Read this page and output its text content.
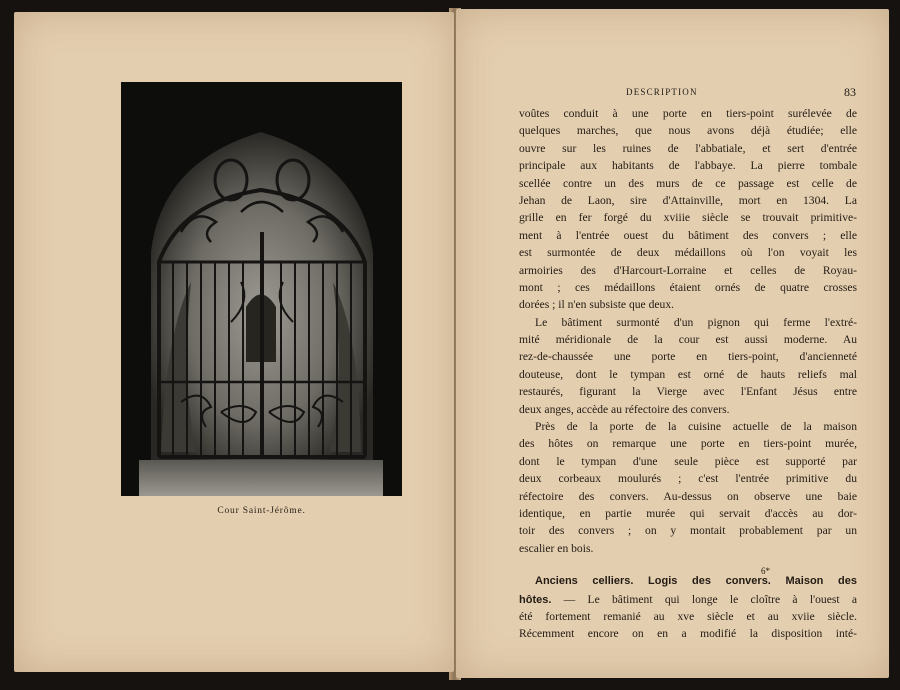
Cour Saint-Jérôme.
DESCRIPTION	83
voûtes conduit à une porte en tiers-point surélevée de
quelques marches, que nous avons déjà étudiée; elle
ouvre sur les ruines de l'abbatiale, et sert d'entrée
principale aux habitants de l'abbaye. La pierre tombale
scellée contre un des murs de ce passage est celle de
Jehan de Laon, sire d'Attainville, mort en 1304. La
grille en fer forgé du xviiie siècle se trouvait primitive-
ment à l'entrée ouest du bâtiment des convers ; elle
est surmontée de deux médaillons où l'on voyait les
armoiries des d'Harcourt-Lorraine et celles de Royau-
mont ; ces médaillons étaient ornés de quatre crosses
dorées ; il n'en subsiste que deux.
Le bâtiment surmonté d'un pignon qui ferme l'extré-
mité méridionale de la cour est aussi moderne. Au
rez-de-chaussée une porte en tiers-point, d'ancienneté
douteuse, dont le tympan est orné de hauts reliefs mal
restaurés, figurant la Vierge avec l'Enfant Jésus entre
deux anges, accède au réfectoire des convers.
Près de la porte de la cuisine actuelle de la maison
des hôtes on remarque une porte en tiers-point murée,
dont le tympan d'une seule pièce est supporté par
deux corbeaux moulurés ; c'est l'entrée primitive du
réfectoire des convers. Au-dessus on observe une baie
identique, en partie murée qui servait d'accès au dor-
toir des convers ; on y montait probablement par un
escalier en bois.
Anciens celliers. Logis des convers. Maison des
hôtes. — Le bâtiment qui longe le cloître à l'ouest a
été fortement remanié au xve siècle et au xviie siècle.
Récemment encore on en a modifié la disposition inté-
6*
